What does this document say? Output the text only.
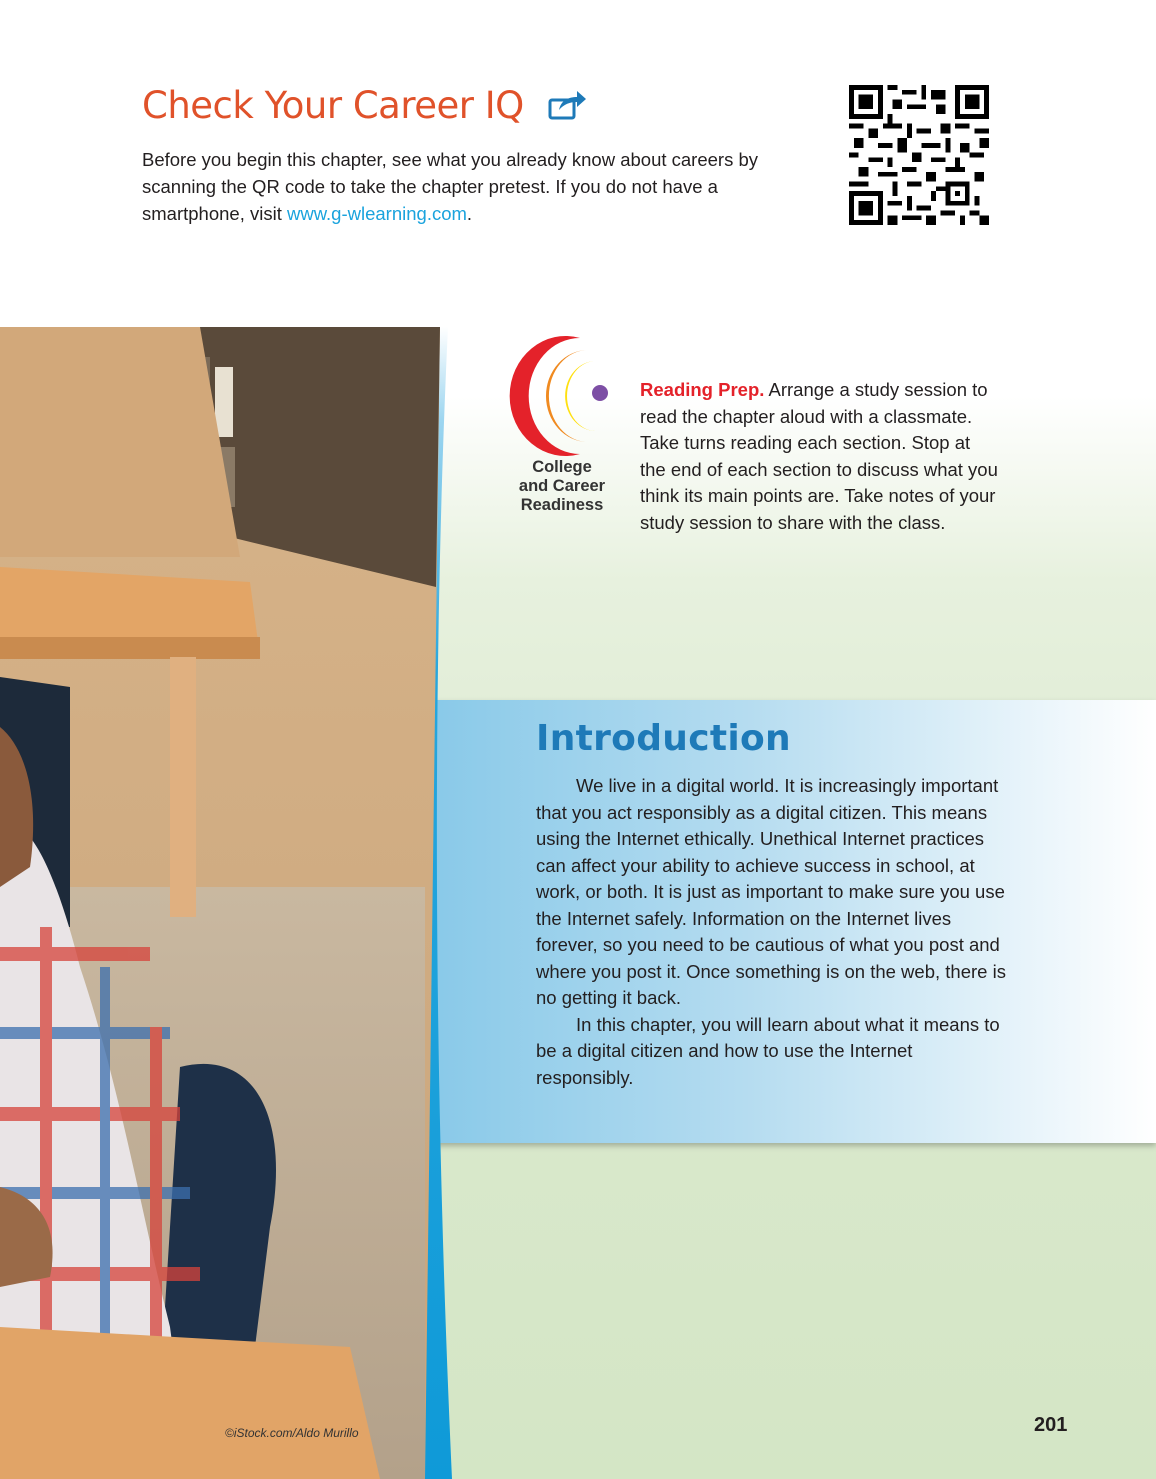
Check Your Career IQ

Before you begin this chapter, see what you already know about careers by scanning the QR code to take the chapter pretest. If you do not have a smartphone, visit www.g-wlearning.com.

College
and Career
Readiness

Reading Prep. Arrange a study session to read the chapter aloud with a classmate. Take turns reading each section. Stop at the end of each section to discuss what you think its main points are. Take notes of your study session to share with the class.

Introduction

We live in a digital world. It is increasingly important that you act responsibly as a digital citizen. This means using the Internet ethically. Unethical Internet practices can affect your ability to achieve success in school, at work, or both. It is just as important to make sure you use the Internet safely. Information on the Internet lives forever, so you need to be cautious of what you post and where you post it. Once something is on the web, there is no getting it back.

In this chapter, you will learn about what it means to be a digital citizen and how to use the Internet responsibly.

©iStock.com/Aldo Murillo	201
